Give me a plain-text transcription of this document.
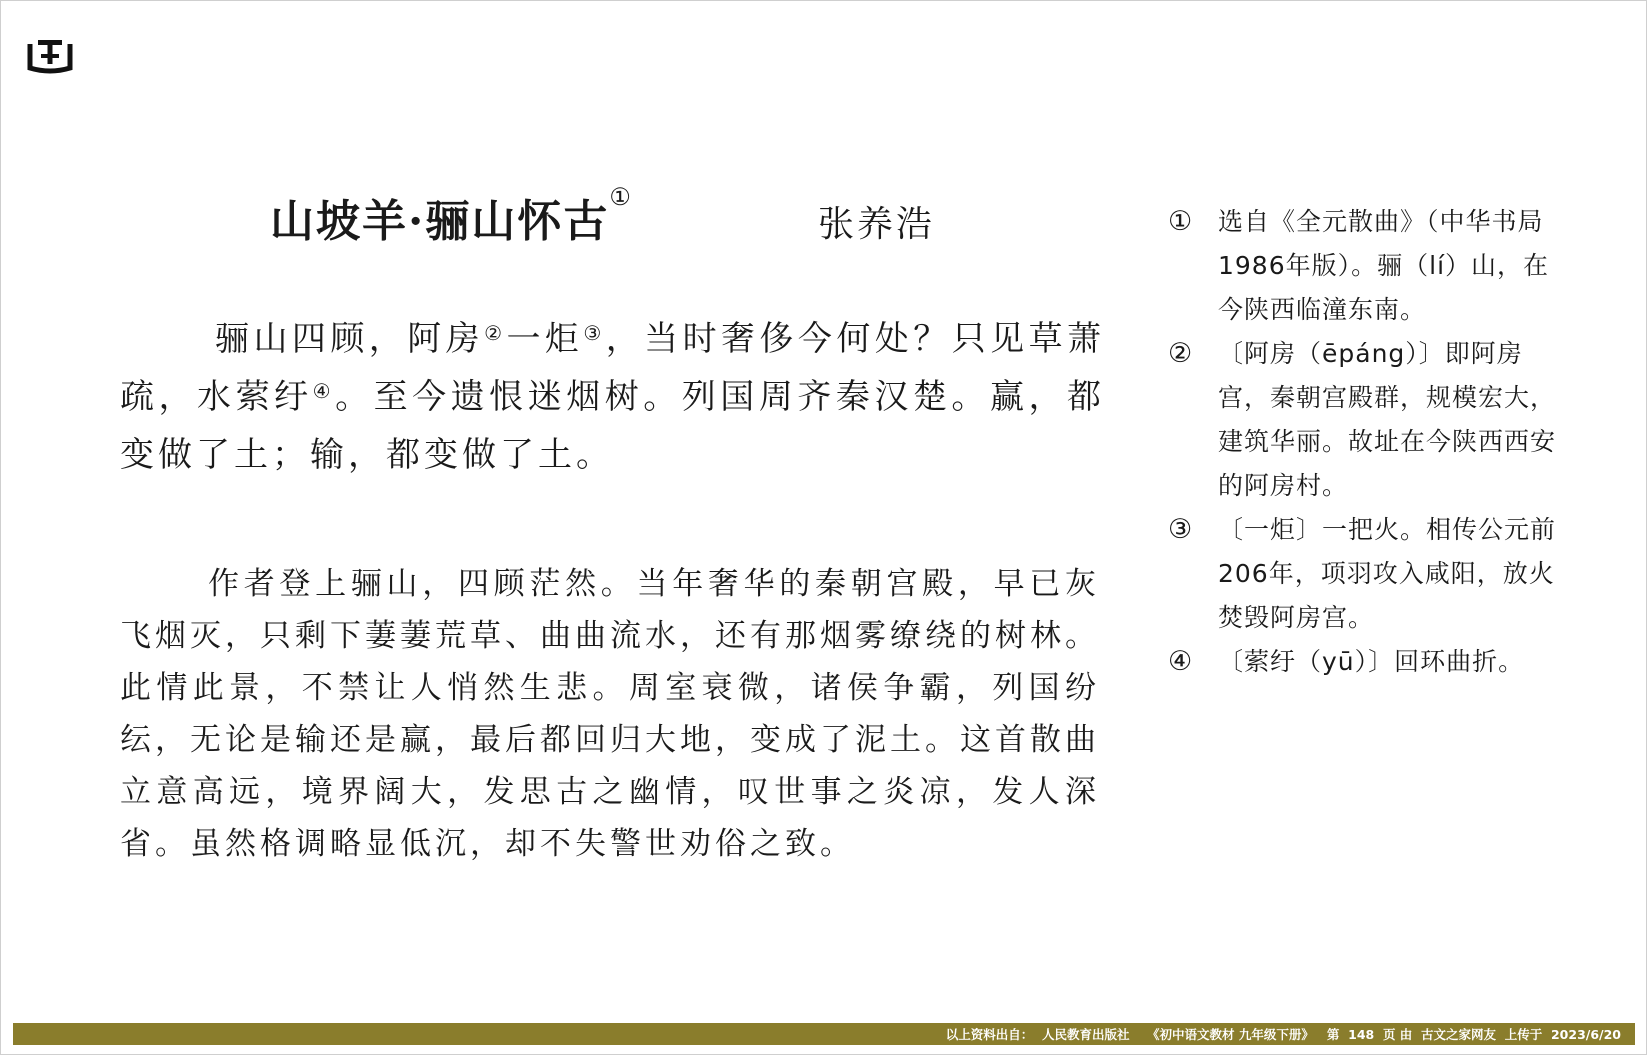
山坡羊·骊山怀古①
张养浩
骊山四顾，阿房②一炬③，当时奢侈今何处？只见草萧疏，水萦纡④。至今遗恨迷烟树。列国周齐秦汉楚。赢，都变做了土；输，都变做了土。
作者登上骊山，四顾茫然。当年奢华的秦朝宫殿，早已灰飞烟灭，只剩下萋萋荒草、曲曲流水，还有那烟雾缭绕的树林。此情此景，不禁让人悄然生悲。周室衰微，诸侯争霸，列国纷纭，无论是输还是赢，最后都回归大地，变成了泥土。这首散曲立意高远，境界阔大，发思古之幽情，叹世事之炎凉，发人深省。虽然格调略显低沉，却不失警世劝俗之致。
① 选自《全元散曲》（中华书局1986年版）。骊（lí）山，在今陕西临潼东南。
② 〔阿房（ēpáng）〕即阿房宫，秦朝宫殿群，规模宏大，建筑华丽。故址在今陕西西安的阿房村。
③ 〔一炬〕一把火。相传公元前206年，项羽攻入咸阳，放火焚毁阿房宫。
④ 〔萦纡（yū）〕回环曲折。
以上资料出自：
人民教育出版社
《初中语文教材 九年级下册》
第
148
页 由
古文之家网友
上传于
2023/6/20
